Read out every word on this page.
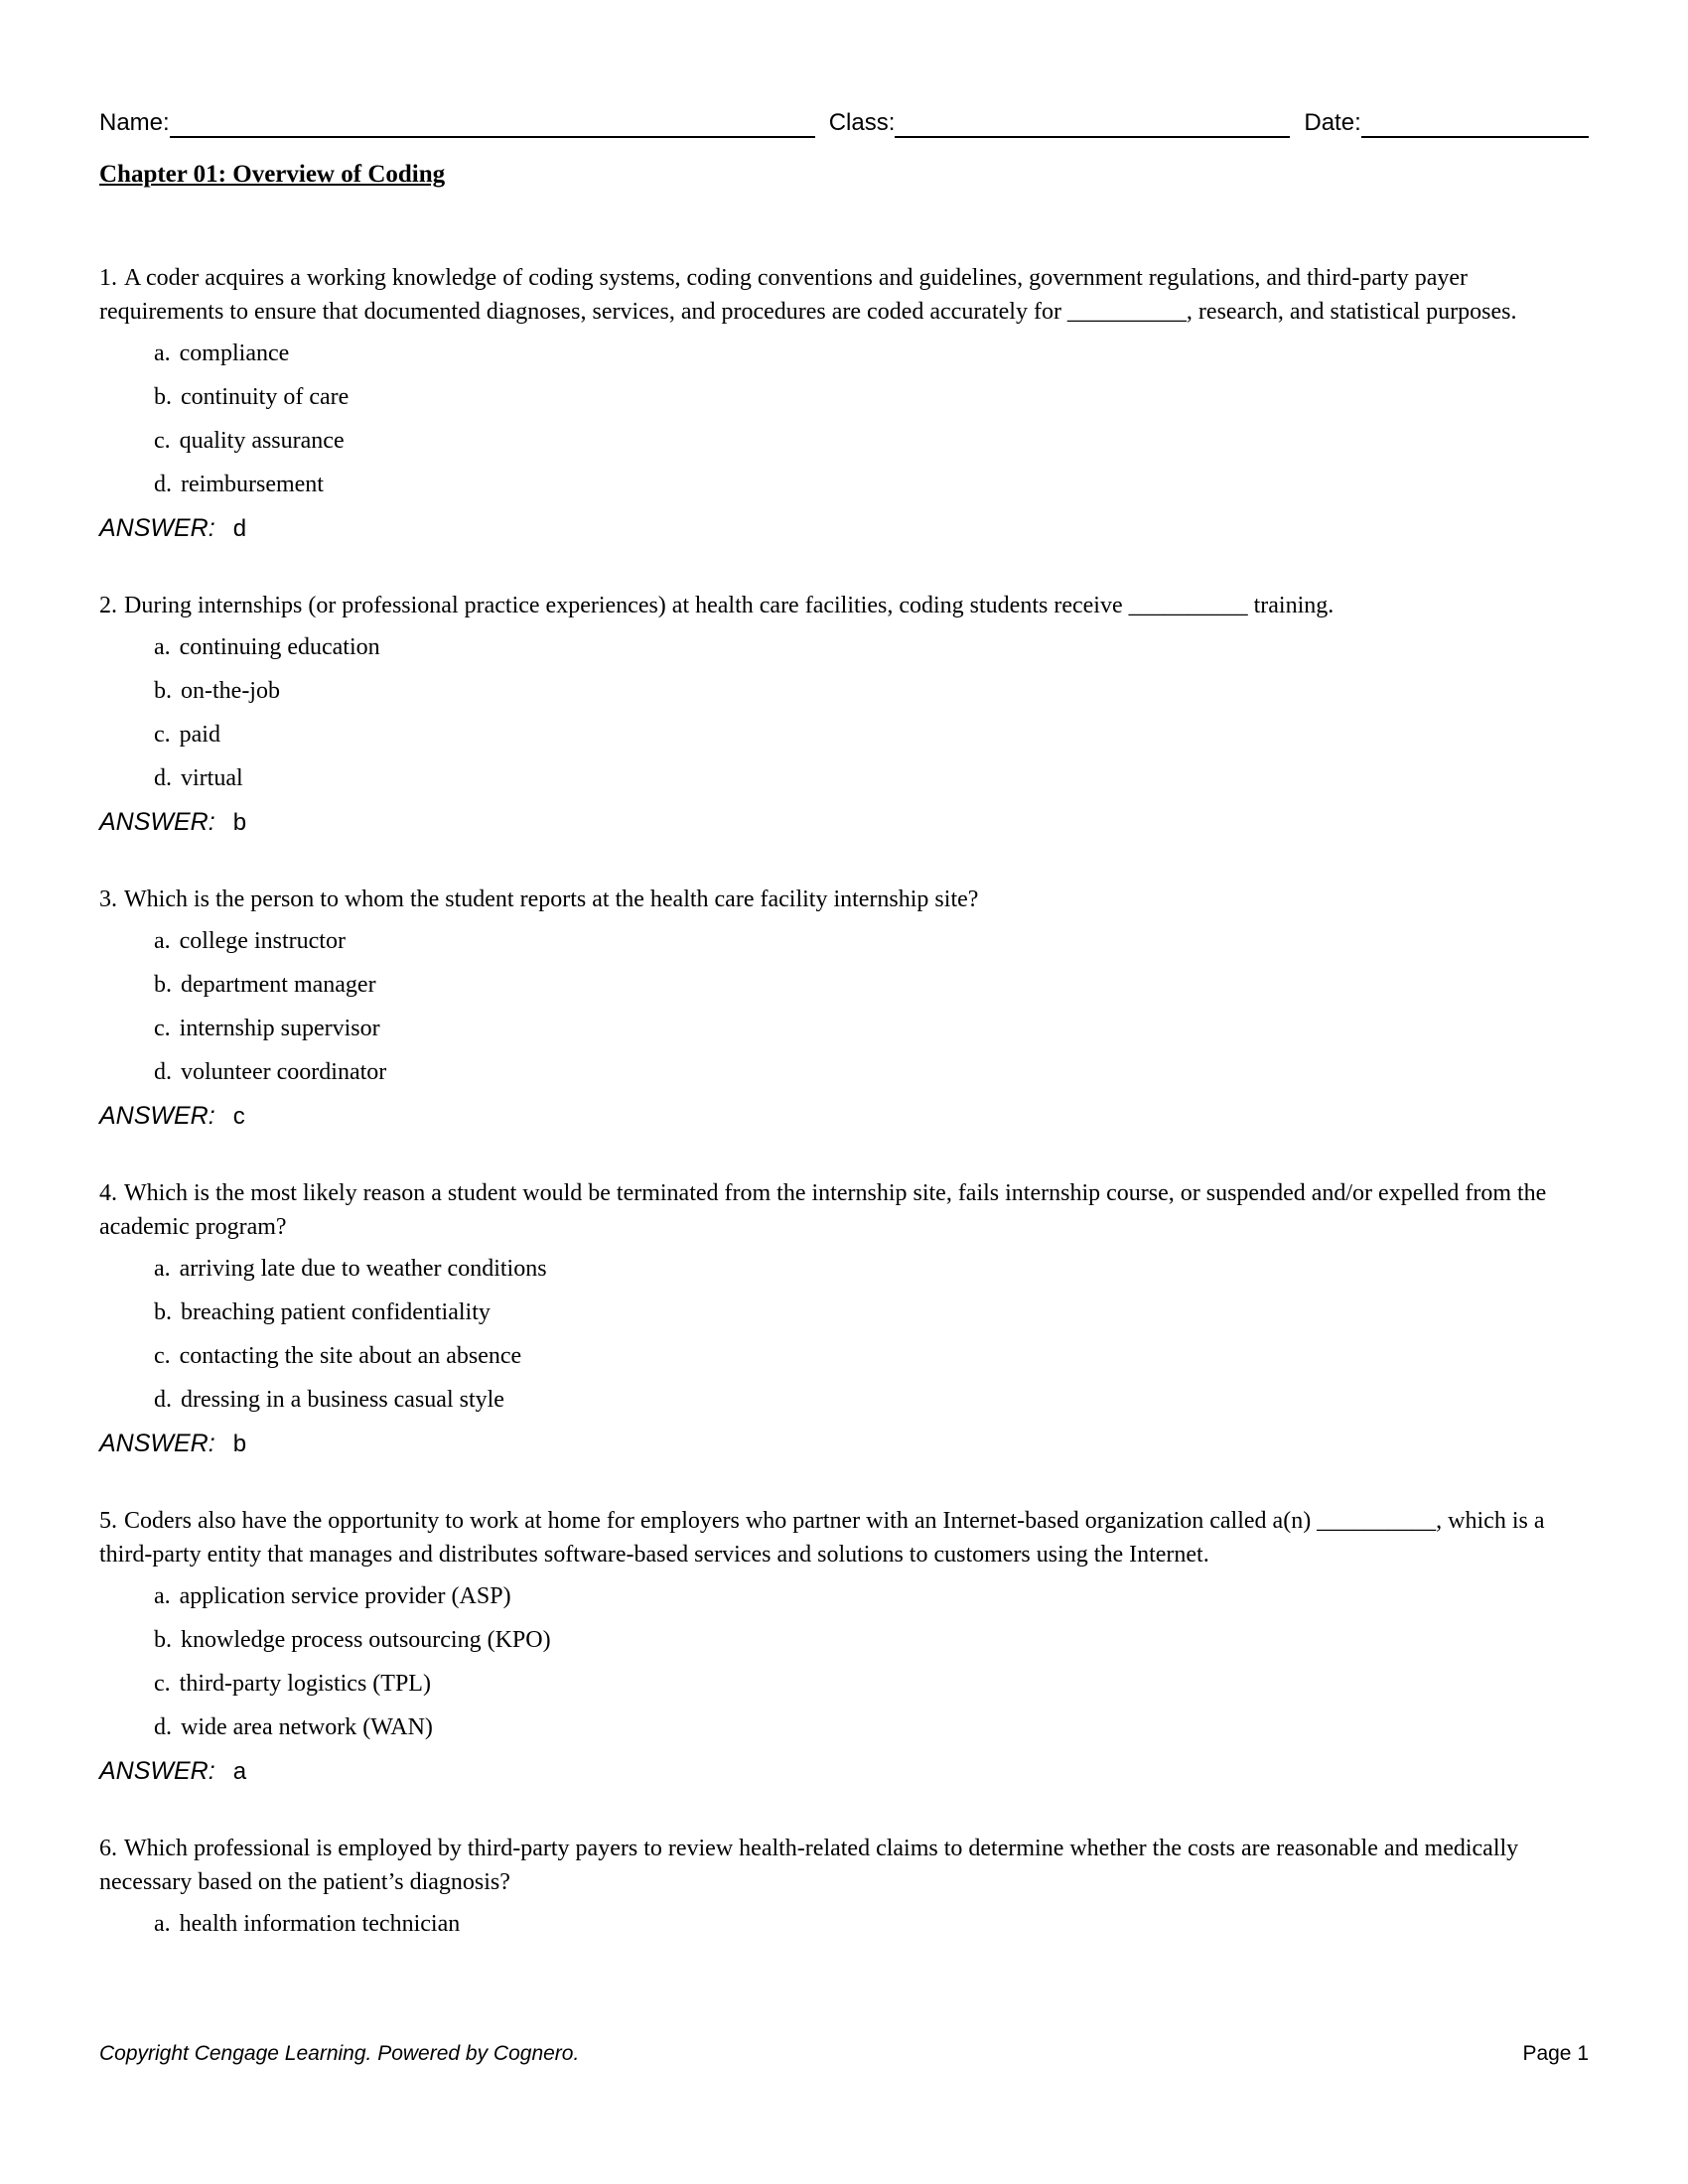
Name:	Class:	Date:
Chapter 01: Overview of Coding

1. A coder acquires a working knowledge of coding systems, coding conventions and guidelines, government regulations, and third-party payer requirements to ensure that documented diagnoses, services, and procedures are coded accurately for __________, research, and statistical purposes.

a. compliance
b. continuity of care
c. quality assurance
d. reimbursement
ANSWER: d

2. During internships (or professional practice experiences) at health care facilities, coding students receive __________ training.

a. continuing education
b. on-the-job
c. paid
d. virtual
ANSWER: b

3. Which is the person to whom the student reports at the health care facility internship site?

a. college instructor
b. department manager
c. internship supervisor
d. volunteer coordinator
ANSWER: c

4. Which is the most likely reason a student would be terminated from the internship site, fails internship course, or suspended and/or expelled from the academic program?

a. arriving late due to weather conditions
b. breaching patient confidentiality
c. contacting the site about an absence
d. dressing in a business casual style
ANSWER: b

5. Coders also have the opportunity to work at home for employers who partner with an Internet-based organization called a(n) __________, which is a third-party entity that manages and distributes software-based services and solutions to customers using the Internet.

a. application service provider (ASP)
b. knowledge process outsourcing (KPO)
c. third-party logistics (TPL)
d. wide area network (WAN)
ANSWER: a

6. Which professional is employed by third-party payers to review health-related claims to determine whether the costs are reasonable and medically necessary based on the patient’s diagnosis?

a. health information technician
Copyright Cengage Learning. Powered by Cognero.	Page 1
